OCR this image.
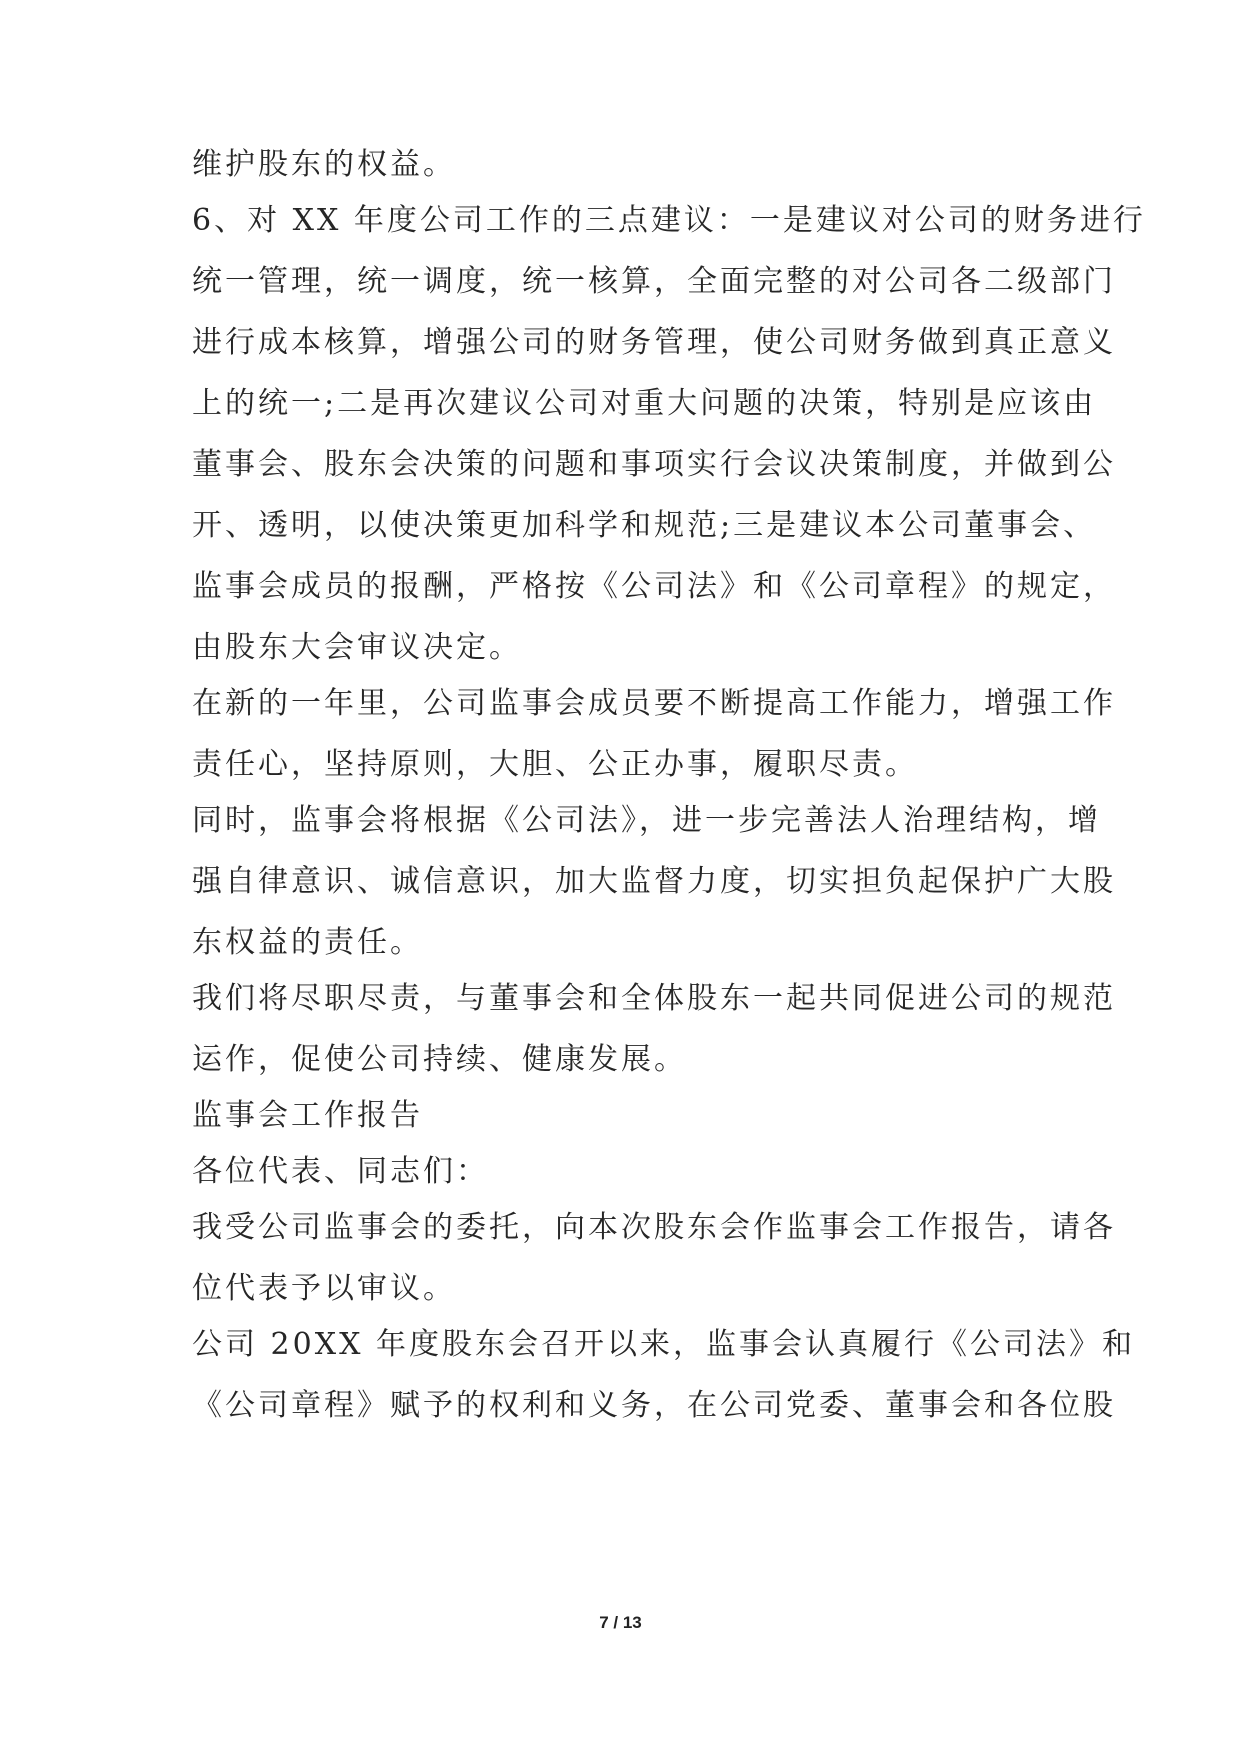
维护股东的权益。
6、对 XX 年度公司工作的三点建议：一是建议对公司的财务进行
统一管理，统一调度，统一核算，全面完整的对公司各二级部门
进行成本核算，增强公司的财务管理，使公司财务做到真正意义
上的统一;二是再次建议公司对重大问题的决策，特别是应该由
董事会、股东会决策的问题和事项实行会议决策制度，并做到公
开、透明，以使决策更加科学和规范;三是建议本公司董事会、
监事会成员的报酬，严格按《公司法》和《公司章程》的规定，
由股东大会审议决定。
在新的一年里，公司监事会成员要不断提高工作能力，增强工作
责任心，坚持原则，大胆、公正办事，履职尽责。
同时，监事会将根据《公司法》，进一步完善法人治理结构，增
强自律意识、诚信意识，加大监督力度，切实担负起保护广大股
东权益的责任。
我们将尽职尽责，与董事会和全体股东一起共同促进公司的规范
运作，促使公司持续、健康发展。
监事会工作报告
各位代表、同志们：
我受公司监事会的委托，向本次股东会作监事会工作报告，请各
位代表予以审议。
公司 20XX 年度股东会召开以来，监事会认真履行《公司法》和
《公司章程》赋予的权利和义务，在公司党委、董事会和各位股
7 / 13
